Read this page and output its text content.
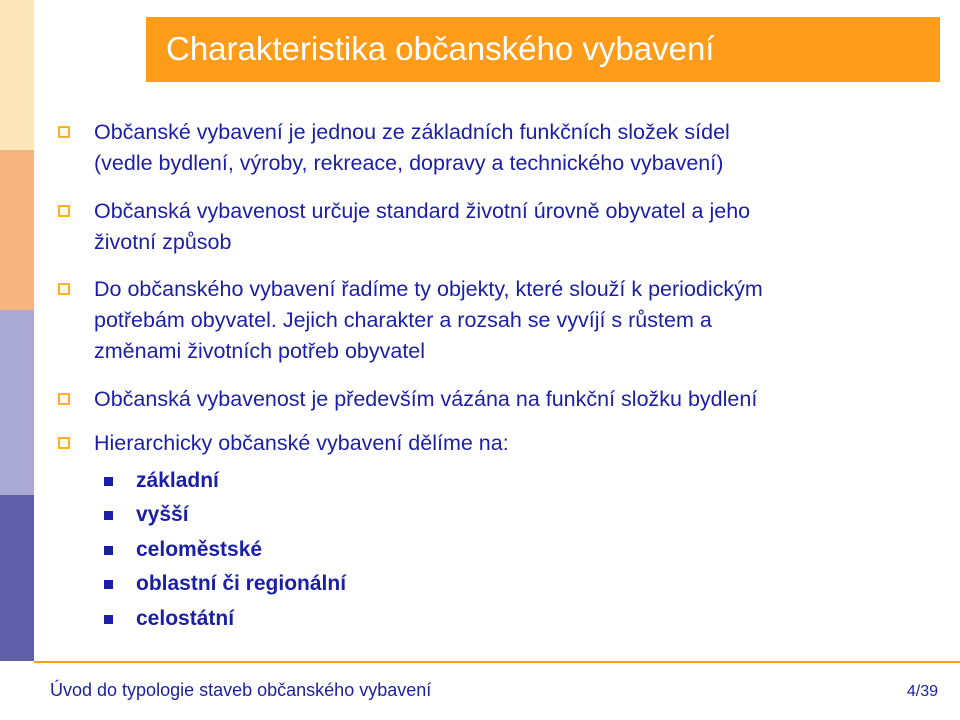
Charakteristika občanského vybavení
Občanské vybavení je jednou ze základních funkčních složek sídel
(vedle bydlení, výroby, rekreace, dopravy a technického vybavení)
Občanská vybavenost určuje standard životní úrovně obyvatel a jeho
životní způsob
Do občanského vybavení řadíme ty objekty, které slouží k periodickým
potřebám obyvatel. Jejich charakter a rozsah se vyvíjí s růstem a
změnami životních potřeb obyvatel
Občanská vybavenost je především vázána na funkční složku bydlení
Hierarchicky občanské vybavení dělíme na:
základní
vyšší
celoměstské
oblastní či regionální
celostátní
Úvod do typologie staveb občanského vybavení	4/39
